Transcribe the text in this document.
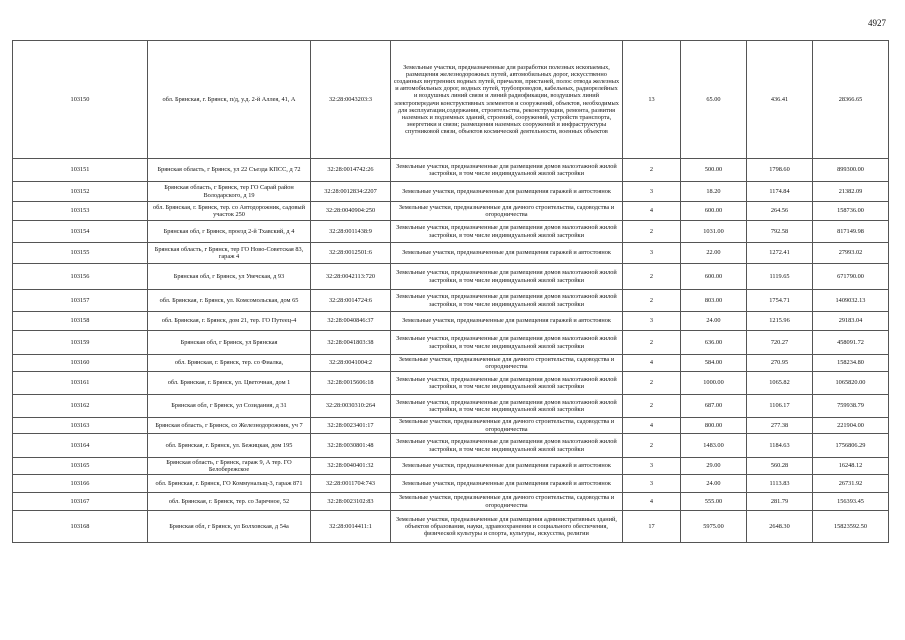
4927
103150	обл. Брянская, г. Брянск, п/д, у.д. 2-й Аллея, 41, А	32:28:0043203:3	Земельные участки, предназначенные для разработки полезных ископаемых, размещения железнодорожных путей, автомобильных дорог, искусственно созданных внутренних водных путей, причалов, пристаней, полос отвода железных и автомобильных дорог, водных путей, трубопроводов, кабельных, радиорелейных и воздушных линий связи и линий радиофикации, воздушных линий электропередачи конструктивных элементов и сооружений, объектов, необходимых для эксплуатации,содержания, строительства, реконструкции, ремонта, развития наземных и подземных зданий, строений, сооружений, устройств транспорта, энергетики и связи; размещения наземных сооружений и инфраструктуры спутниковой связи, объектов космической деятельности, военных объектов	13	65.00	436.41	28366.65
103151	Брянская область, г Брянск, ул 22 Съезда КПСС, д 72	32:28:0014742:26	Земельные участки, предназначенные для размещения домов малоэтажной жилой застройки, в том числе индивидуальной жилой застройки	2	500.00	1798.60	899300.00
103152	Брянская область, г Брянск, тер ГО Сарай район Володарского, д 19	32:28:0012834:2207	Земельные участки, предназначенные для размещения гаражей и автостоянок	3	18.20	1174.84	21382.09
103153	обл. Брянская, г. Брянск, тер. со Автодорожник, садовый участок 250	32:28:0040904:250	Земельные участки, предназначенные для дачного строительства, садоводства и огородничества	4	600.00	264.56	158736.00
103154	Брянская обл, г Брянск, проезд 2-й Тхавский, д 4	32:28:0011438:9	Земельные участки, предназначенные для размещения домов малоэтажной жилой застройки, в том числе индивидуальной жилой застройки	2	1031.00	792.58	817149.98
103155	Брянская область, г Брянск, тер ГО Ново-Советская 83, гараж 4	32:28:0012501:6	Земельные участки, предназначенные для размещения гаражей и автостоянок	3	22.00	1272.41	27993.02
103156	Брянская обл, г Брянск, ул Увечская, д 93	32:28:0042113:720	Земельные участки, предназначенные для размещения домов малоэтажной жилой застройки, в том числе индивидуальной жилой застройки	2	600.00	1119.65	671790.00
103157	обл. Брянская, г. Брянск, ул. Комсомольская, дом 65	32:28:0014724:6	Земельные участки, предназначенные для размещения домов малоэтажной жилой застройки, в том числе индивидуальной жилой застройки	2	803.00	1754.71	1409032.13
103158	обл. Брянская, г. Брянск, дом 21, тер. ГО Путеец-4	32:28:0040846:37	Земельные участки, предназначенные для размещения гаражей и автостоянок	3	24.00	1215.96	29183.04
103159	Брянская обл, г Брянск, ул Брянская	32:28:0041803:38	Земельные участки, предназначенные для размещения домов малоэтажной жилой застройки, в том числе индивидуальной жилой застройки	2	636.00	720.27	458091.72
103160	обл. Брянская, г. Брянск, тер. со Фиалка,	32:28:0041004:2	Земельные участки, предназначенные для дачного строительства, садоводства и огородничества	4	584.00	270.95	158234.80
103161	обл. Брянская, г. Брянск, ул. Цветочная, дом 1	32:28:0015606:18	Земельные участки, предназначенные для размещения домов малоэтажной жилой застройки, в том числе индивидуальной жилой застройки	2	1000.00	1065.82	1065820.00
103162	Брянская обл, г Брянск, ул Созидания, д 31	32:28:0030310:264	Земельные участки, предназначенные для размещения домов малоэтажной жилой застройки, в том числе индивидуальной жилой застройки	2	687.00	1106.17	759938.79
103163	Брянская область, г Брянск, со Железнодорожник, уч 7	32:28:0023401:17	Земельные участки, предназначенные для дачного строительства, садоводства и огородничества	4	800.00	277.38	221904.00
103164	обл. Брянская, г. Брянск, ул. Бежицкая, дом 195	32:28:0030801:48	Земельные участки, предназначенные для размещения домов малоэтажной жилой застройки, в том числе индивидуальной жилой застройки	2	1483.00	1184.63	1756806.29
103165	Брянская область, г Брянск, гараж 9, А тер. ГО Белобережское	32:28:0040401:32	Земельные участки, предназначенные для размещения гаражей и автостоянок	3	29.00	560.28	16248.12
103166	обл. Брянская, г. Брянск, ГО Коммунальщ-3, гараж 871	32:28:0011704:743	Земельные участки, предназначенные для размещения гаражей и автостоянок	3	24.00	1113.83	26731.92
103167	обл. Брянская, г. Брянск, тер. со Заречное, 52	32:28:0023102:83	Земельные участки, предназначенные для дачного строительства, садоводства и огородничества	4	555.00	281.79	156393.45
103168	Брянская обл, г Брянск, ул Болховская, д 54а	32:28:0014411:1	Земельные участки, предназначенные для размещения административных зданий, объектов образования, науки, здравоохранения и социального обеспечения, физической культуры и спорта, культуры, искусства, религии	17	5975.00	2648.30	15823592.50
